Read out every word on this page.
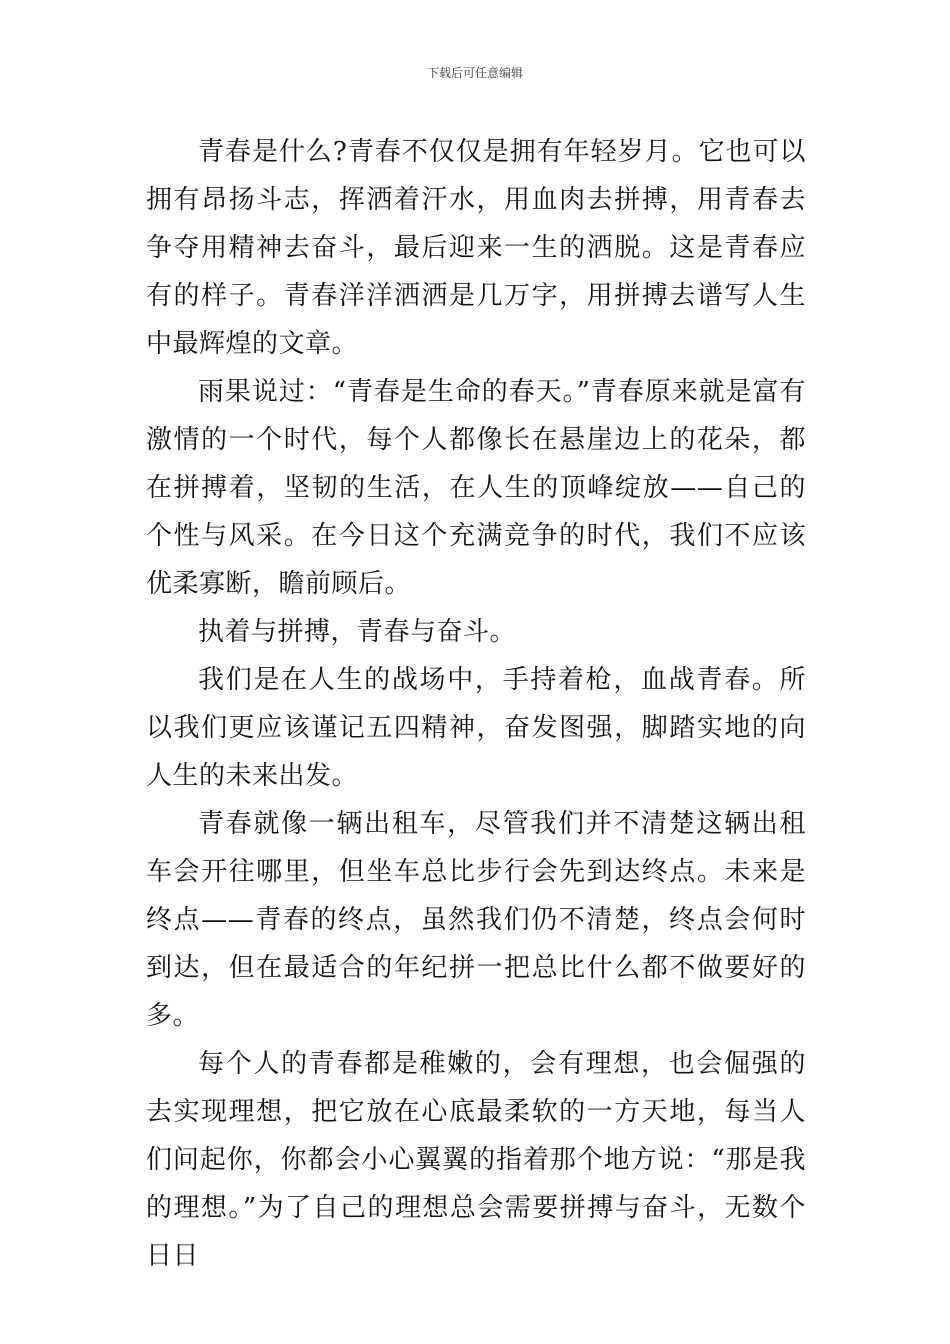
下载后可任意编辑

青春是什么?青春不仅仅是拥有年轻岁月。它也可以拥有昂扬斗志，挥洒着汗水，用血肉去拼搏，用青春去争夺用精神去奋斗，最后迎来一生的洒脱。这是青春应有的样子。青春洋洋洒洒是几万字，用拼搏去谱写人生中最辉煌的文章。

雨果说过：“青春是生命的春天。”青春原来就是富有激情的一个时代，每个人都像长在悬崖边上的花朵，都在拼搏着，坚韧的生活，在人生的顶峰绽放——自己的个性与风采。在今日这个充满竞争的时代，我们不应该优柔寡断，瞻前顾后。

执着与拼搏，青春与奋斗。

我们是在人生的战场中，手持着枪，血战青春。所以我们更应该谨记五四精神，奋发图强，脚踏实地的向人生的未来出发。

青春就像一辆出租车，尽管我们并不清楚这辆出租车会开往哪里，但坐车总比步行会先到达终点。未来是终点——青春的终点，虽然我们仍不清楚，终点会何时到达，但在最适合的年纪拼一把总比什么都不做要好的多。

每个人的青春都是稚嫩的，会有理想，也会倔强的去实现理想，把它放在心底最柔软的一方天地，每当人们问起你，你都会小心翼翼的指着那个地方说：“那是我的理想。”为了自己的理想总会需要拼搏与奋斗，无数个日日
